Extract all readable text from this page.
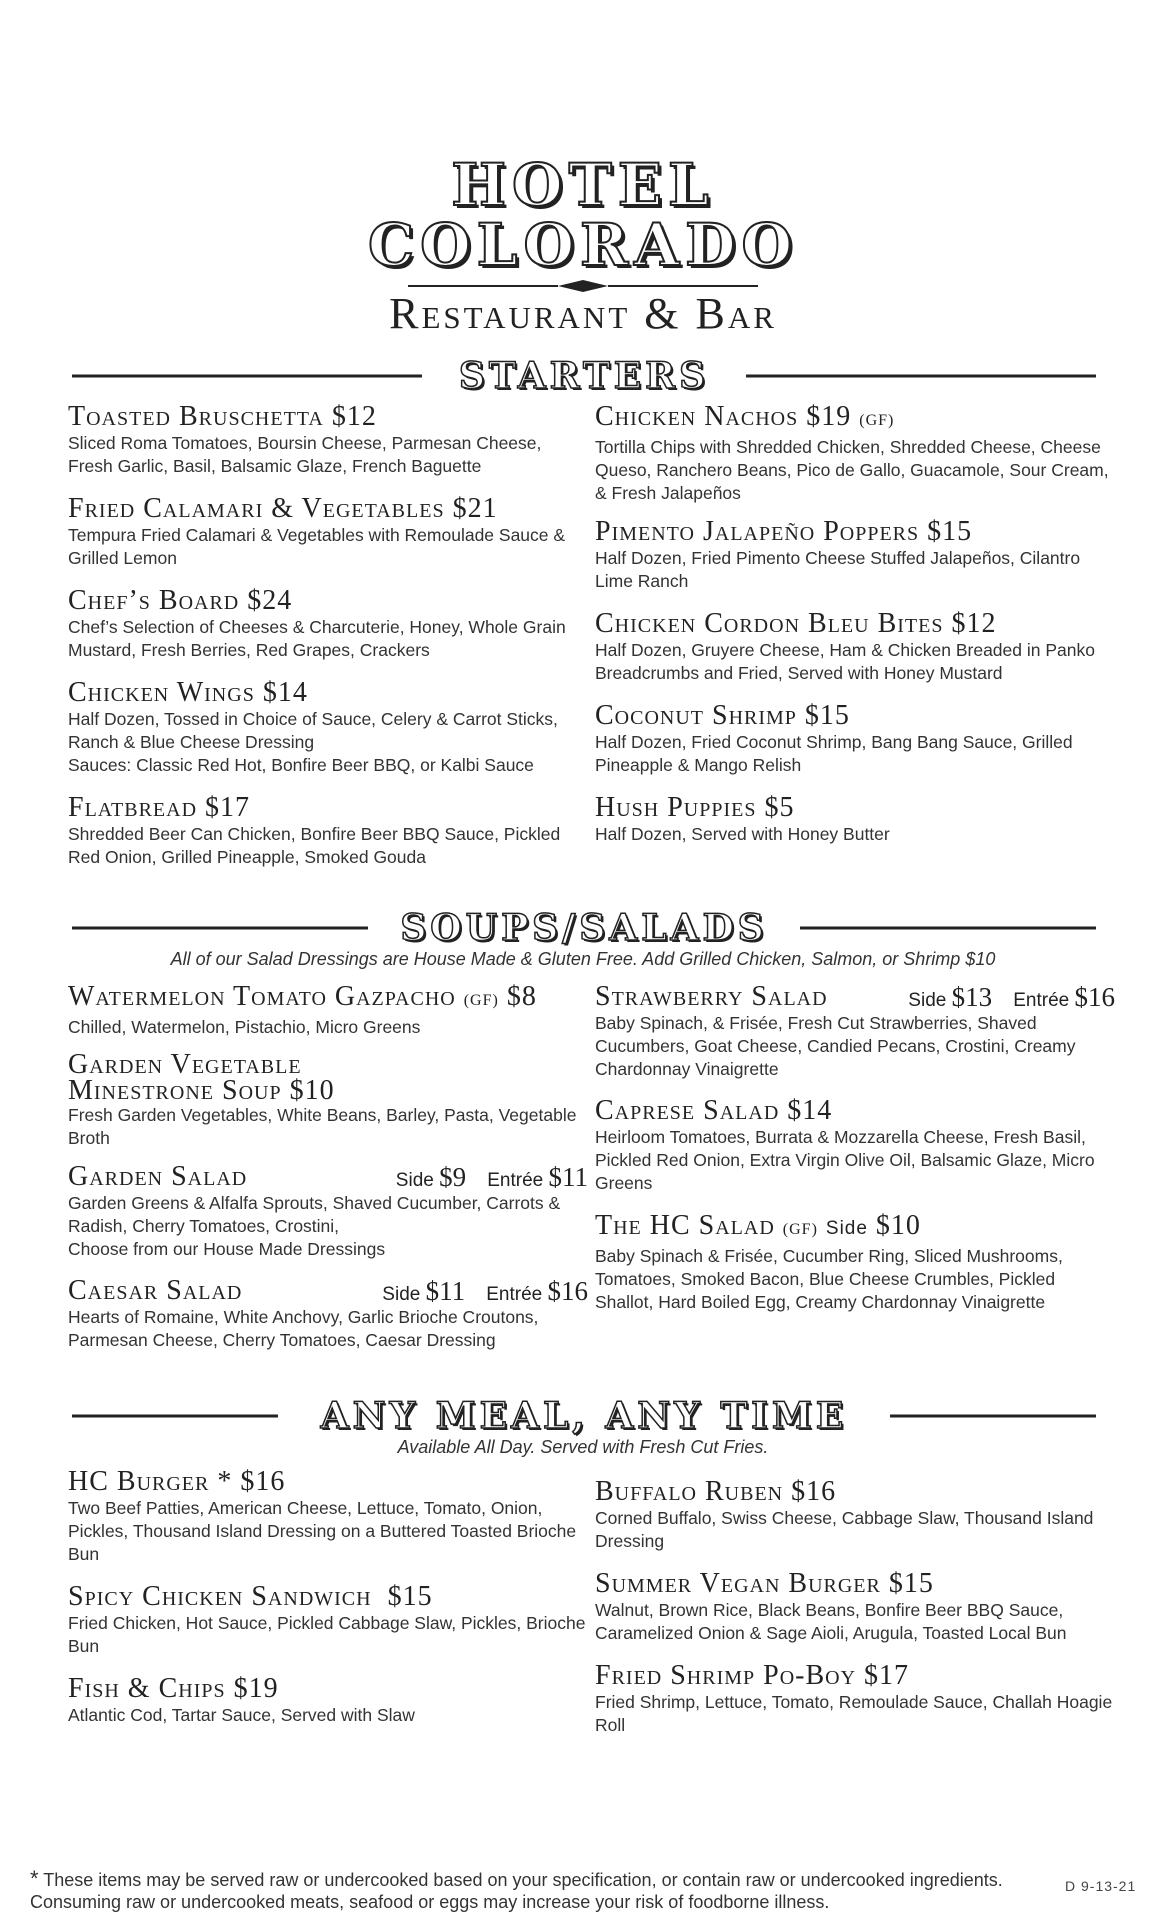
HOTEL
COLORADO
Restaurant & Bar
STARTERS
Toasted Bruschetta $12
Sliced Roma Tomatoes, Boursin Cheese, Parmesan Cheese, Fresh Garlic, Basil, Balsamic Glaze, French Baguette
Fried Calamari & Vegetables $21
Tempura Fried Calamari & Vegetables with Remoulade Sauce & Grilled Lemon
Chef’s Board $24
Chef’s Selection of Cheeses & Charcuterie, Honey, Whole Grain Mustard, Fresh Berries, Red Grapes, Crackers
Chicken Wings $14
Half Dozen, Tossed in Choice of Sauce, Celery & Carrot Sticks, Ranch & Blue Cheese Dressing
Sauces: Classic Red Hot, Bonfire Beer BBQ, or Kalbi Sauce
Flatbread $17
Shredded Beer Can Chicken, Bonfire Beer BBQ Sauce, Pickled Red Onion, Grilled Pineapple, Smoked Gouda
Chicken Nachos $19 (GF)
Tortilla Chips with Shredded Chicken, Shredded Cheese, Cheese Queso, Ranchero Beans, Pico de Gallo, Guacamole, Sour Cream, & Fresh Jalapeños
Pimento Jalapeño Poppers $15
Half Dozen, Fried Pimento Cheese Stuffed Jalapeños, Cilantro Lime Ranch
Chicken Cordon Bleu Bites $12
Half Dozen, Gruyere Cheese, Ham & Chicken Breaded in Panko Breadcrumbs and Fried, Served with Honey Mustard
Coconut Shrimp $15
Half Dozen, Fried Coconut Shrimp, Bang Bang Sauce, Grilled Pineapple & Mango Relish
Hush Puppies $5
Half Dozen, Served with Honey Butter
SOUPS/SALADS
All of our Salad Dressings are House Made & Gluten Free. Add Grilled Chicken, Salmon, or Shrimp $10
Watermelon Tomato Gazpacho (GF) $8
Chilled, Watermelon, Pistachio, Micro Greens
Garden Vegetable
Minestrone Soup $10
Fresh Garden Vegetables, White Beans, Barley, Pasta, Vegetable Broth
Garden Salad	Side $9 Entrée $11
Garden Greens & Alfalfa Sprouts, Shaved Cucumber, Carrots & Radish, Cherry Tomatoes, Crostini,
Choose from our House Made Dressings
Caesar Salad	Side $11 Entrée $16
Hearts of Romaine, White Anchovy, Garlic Brioche Croutons, Parmesan Cheese, Cherry Tomatoes, Caesar Dressing
Strawberry Salad	Side $13 Entrée $16
Baby Spinach, & Frisée, Fresh Cut Strawberries, Shaved Cucumbers, Goat Cheese, Candied Pecans, Crostini, Creamy Chardonnay Vinaigrette
Caprese Salad $14
Heirloom Tomatoes, Burrata & Mozzarella Cheese, Fresh Basil, Pickled Red Onion, Extra Virgin Olive Oil, Balsamic Glaze, Micro Greens
The HC Salad (GF) Side $10
Baby Spinach & Frisée, Cucumber Ring, Sliced Mushrooms, Tomatoes, Smoked Bacon, Blue Cheese Crumbles, Pickled Shallot, Hard Boiled Egg, Creamy Chardonnay Vinaigrette
ANY MEAL, ANY TIME
Available All Day. Served with Fresh Cut Fries.
HC Burger * $16
Two Beef Patties, American Cheese, Lettuce, Tomato, Onion, Pickles, Thousand Island Dressing on a Buttered Toasted Brioche Bun
Spicy Chicken Sandwich  $15
Fried Chicken, Hot Sauce, Pickled Cabbage Slaw, Pickles, Brioche Bun
Fish & Chips $19
Atlantic Cod, Tartar Sauce, Served with Slaw
Buffalo Ruben $16
Corned Buffalo, Swiss Cheese, Cabbage Slaw, Thousand Island Dressing
Summer Vegan Burger $15
Walnut, Brown Rice, Black Beans, Bonfire Beer BBQ Sauce, Caramelized Onion & Sage Aioli, Arugula, Toasted Local Bun
Fried Shrimp Po-Boy $17
Fried Shrimp, Lettuce, Tomato, Remoulade Sauce, Challah Hoagie Roll
* These items may be served raw or undercooked based on your specification, or contain raw or undercooked ingredients. Consuming raw or undercooked meats, seafood or eggs may increase your risk of foodborne illness.
D 9-13-21
